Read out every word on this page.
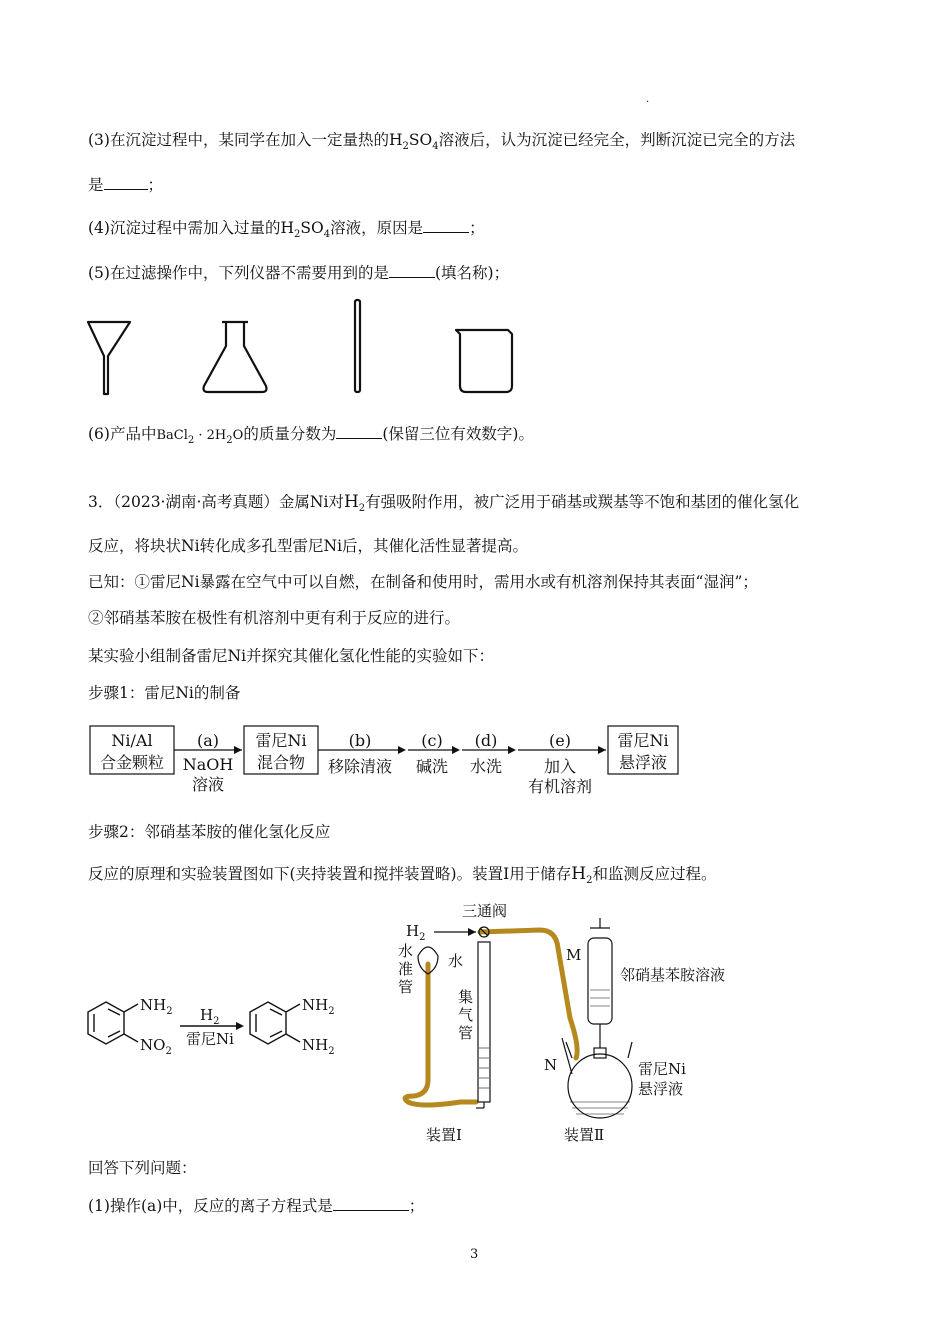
.
(3)在沉淀过程中，某同学在加入一定量热的$H_2SO_4$溶液后，认为沉淀已经完全，判断沉淀已完全的方法
是	；
(4)沉淀过程中需加入过量的$H_2SO_4$溶液，原因是	；
(5)在过滤操作中，下列仪器不需要用到的是	(填名称)；
(6)产品中BaCl$_2$ · $2H_2O$的质量分数为	(保留三位有效数字)。
3．（2023·湖南·高考真题）金属Ni对$H_2$有强吸附作用，被广泛用于硝基或羰基等不饱和基团的催化氢化
反应，将块状Ni转化成多孔型雷尼Ni后，其催化活性显著提高。
已知：①雷尼Ni暴露在空气中可以自燃，在制备和使用时，需用水或有机溶剂保持其表面“湿润”；
②邻硝基苯胺在极性有机溶剂中更有利于反应的进行。
某实验小组制备雷尼Ni并探究其催化氢化性能的实验如下：
步骤1：雷尼Ni的制备
Ni/Al
合金颗粒
(a)
NaOH
溶液
雷尼Ni
混合物
(b)
移除清液
(c)
碱洗
(d)
水洗
(e)
加入
有机溶剂
雷尼Ni
悬浮液
步骤2：邻硝基苯胺的催化氢化反应
反应的原理和实验装置图如下(夹持装置和搅拌装置略)。装置Ⅰ用于储存$H_2$和监测反应过程。
$NH_2$
$NO_2$
$H_2$
雷尼Ni
$NH_2$
$NH_2$
$H_2$
三通阀
水
准
管
水
集
气
管
M
N
邻硝基苯胺溶液
雷尼Ni
悬浮液
装置Ⅰ	装置Ⅱ
回答下列问题：
(1)操作(a)中，反应的离子方程式是	；
3
